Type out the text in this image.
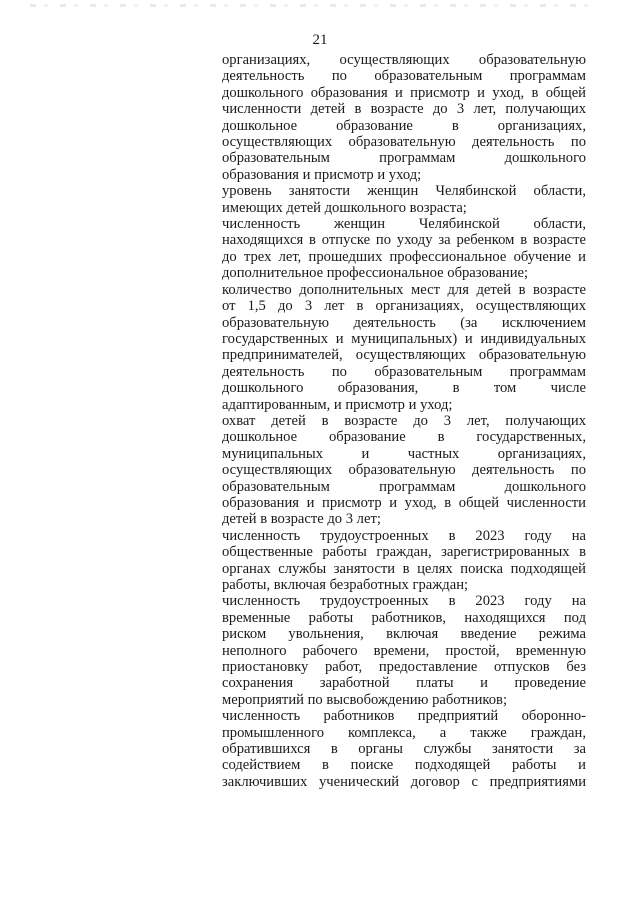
21

организациях, осуществляющих образовательную
деятельность по образовательным программам
дошкольного образования и присмотр и уход, в общей
численности детей в возрасте до 3 лет, получающих
дошкольное образование в организациях,
осуществляющих образовательную деятельность по
образовательным программам дошкольного
образования и присмотр и уход;

уровень занятости женщин Челябинской области,
имеющих детей дошкольного возраста;

численность женщин Челябинской области,
находящихся в отпуске по уходу за ребенком в возрасте
до трех лет, прошедших профессиональное обучение и
дополнительное профессиональное образование;

количество дополнительных мест для детей в возрасте
от 1,5 до 3 лет в организациях, осуществляющих
образовательную деятельность (за исключением
государственных и муниципальных) и индивидуальных
предпринимателей, осуществляющих образовательную
деятельность по образовательным программам
дошкольного образования, в том числе
адаптированным, и присмотр и уход;

охват детей в возрасте до 3 лет, получающих
дошкольное образование в государственных,
муниципальных и частных организациях,
осуществляющих образовательную деятельность по
образовательным программам дошкольного
образования и присмотр и уход, в общей численности
детей в возрасте до 3 лет;

численность трудоустроенных в 2023 году на
общественные работы граждан, зарегистрированных в
органах службы занятости в целях поиска подходящей
работы, включая безработных граждан;

численность трудоустроенных в 2023 году на
временные работы работников, находящихся под
риском увольнения, включая введение режима
неполного рабочего времени, простой, временную
приостановку работ, предоставление отпусков без
сохранения заработной платы и проведение
мероприятий по высвобождению работников;

численность работников предприятий оборонно-
промышленного комплекса, а также граждан,
обратившихся в органы службы занятости за
содействием в поиске подходящей работы и
заключивших ученический договор с предприятиями
